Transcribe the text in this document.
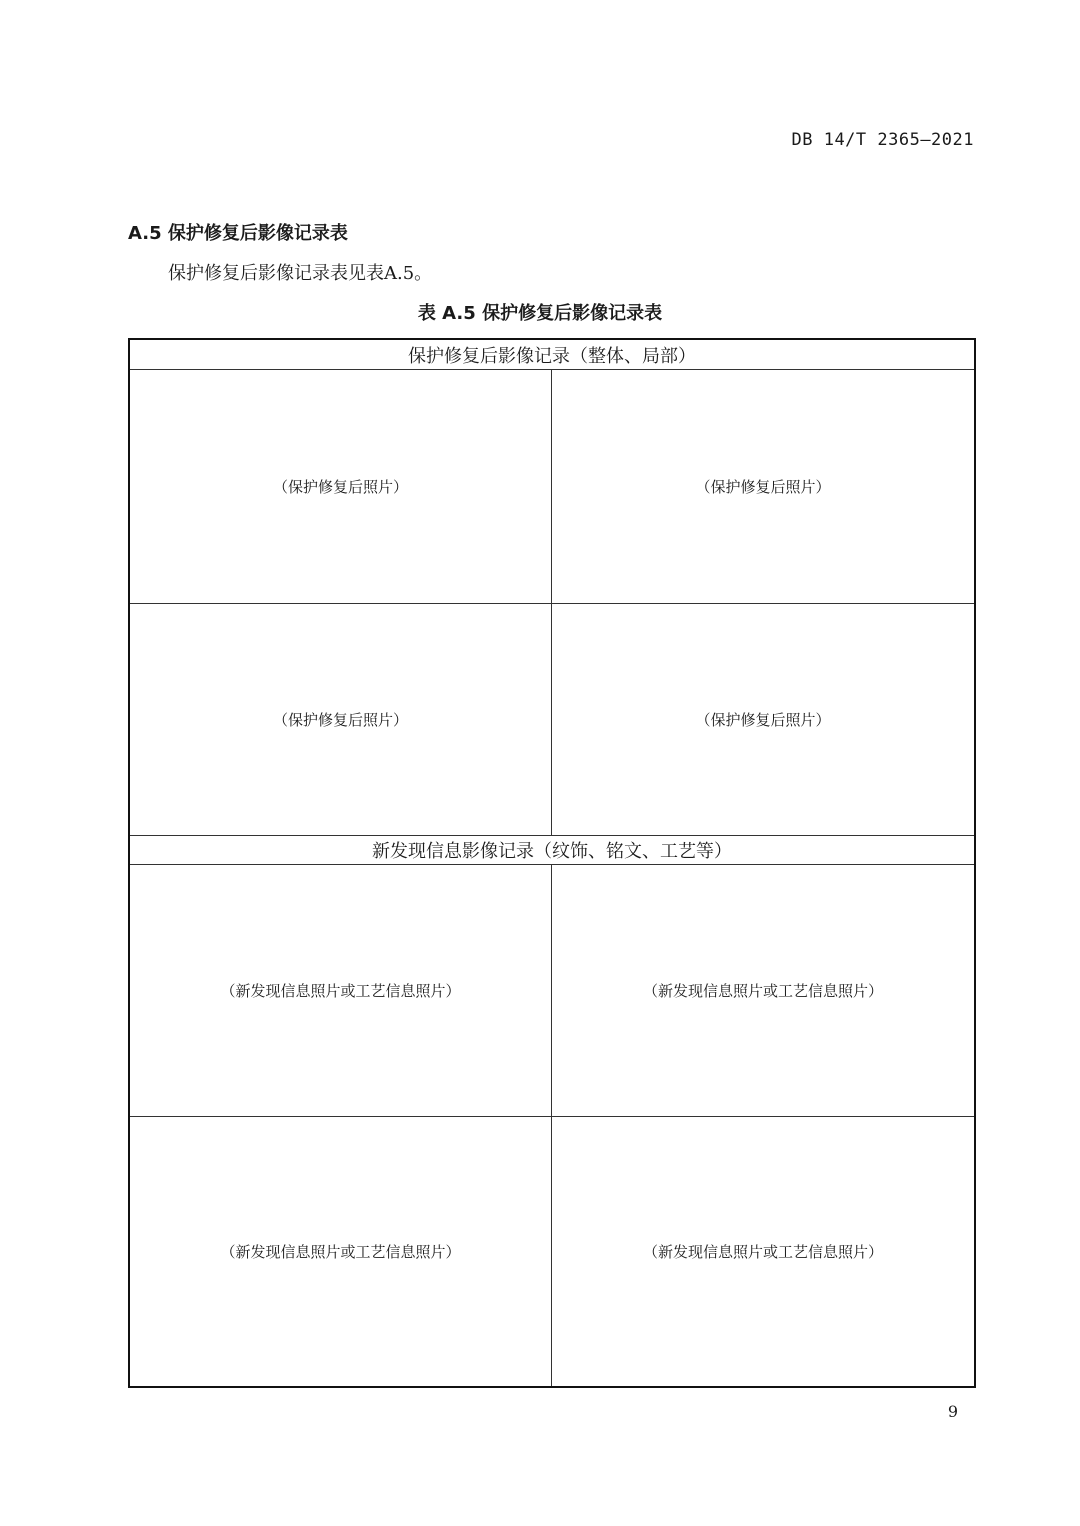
DB 14/T 2365—2021
A.5 保护修复后影像记录表
保护修复后影像记录表见表A.5。
表 A.5 保护修复后影像记录表
保护修复后影像记录（整体、局部）
（保护修复后照片）	（保护修复后照片）
（保护修复后照片）	（保护修复后照片）
新发现信息影像记录（纹饰、铭文、工艺等）
（新发现信息照片或工艺信息照片）	（新发现信息照片或工艺信息照片）
（新发现信息照片或工艺信息照片）	（新发现信息照片或工艺信息照片）
9
